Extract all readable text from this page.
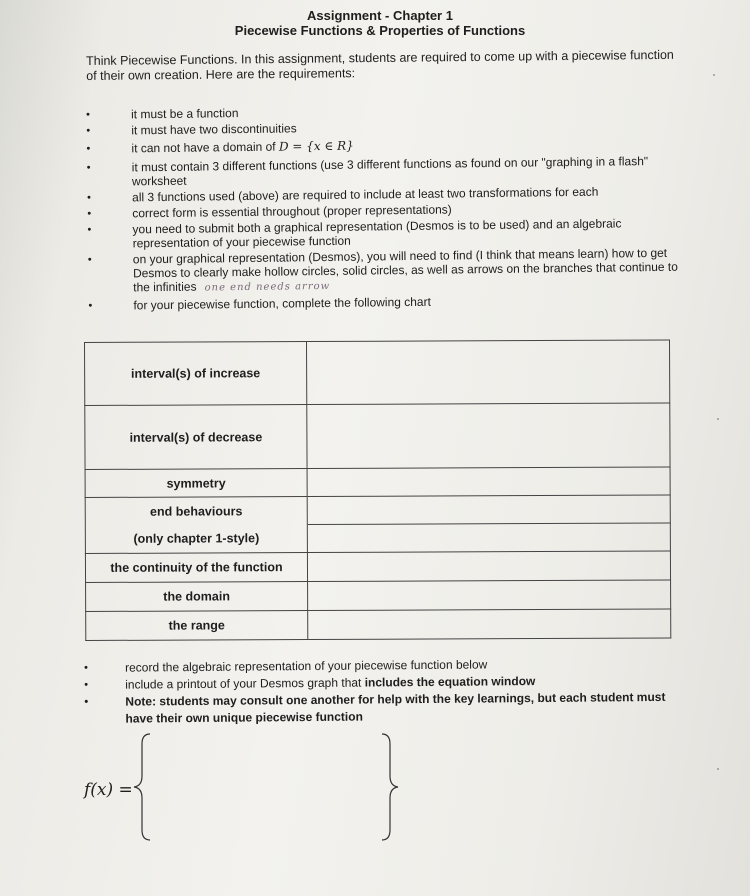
Assignment - Chapter 1
Piecewise Functions & Properties of Functions
Think Piecewise Functions. In this assignment, students are required to come up with a piecewise function of their own creation. Here are the requirements:
•	it must be a function
•	it must have two discontinuities
•	it can not have a domain of D = {x ∈ R}
•	it must contain 3 different functions (use 3 different functions as found on our "graphing in a flash" worksheet
•	all 3 functions used (above) are required to include at least two transformations for each
•	correct form is essential throughout (proper representations)
•	you need to submit both a graphical representation (Desmos is to be used) and an algebraic representation of your piecewise function
•	on your graphical representation (Desmos), you will need to find (I think that means learn) how to get Desmos to clearly make hollow circles, solid circles, as well as arrows on the branches that continue to the infinities one end needs arrow
•	for your piecewise function, complete the following chart
interval(s) of increase	
interval(s) of decrease	
symmetry	
end behaviours	
(only chapter 1-style)	
the continuity of the function	
the domain	
the range	
•	record the algebraic representation of your piecewise function below
•	include a printout of your Desmos graph that includes the equation window
•	Note: students may consult one another for help with the key learnings, but each student must have their own unique piecewise function
f(x) =
ˈ
ˈ
ˈ
